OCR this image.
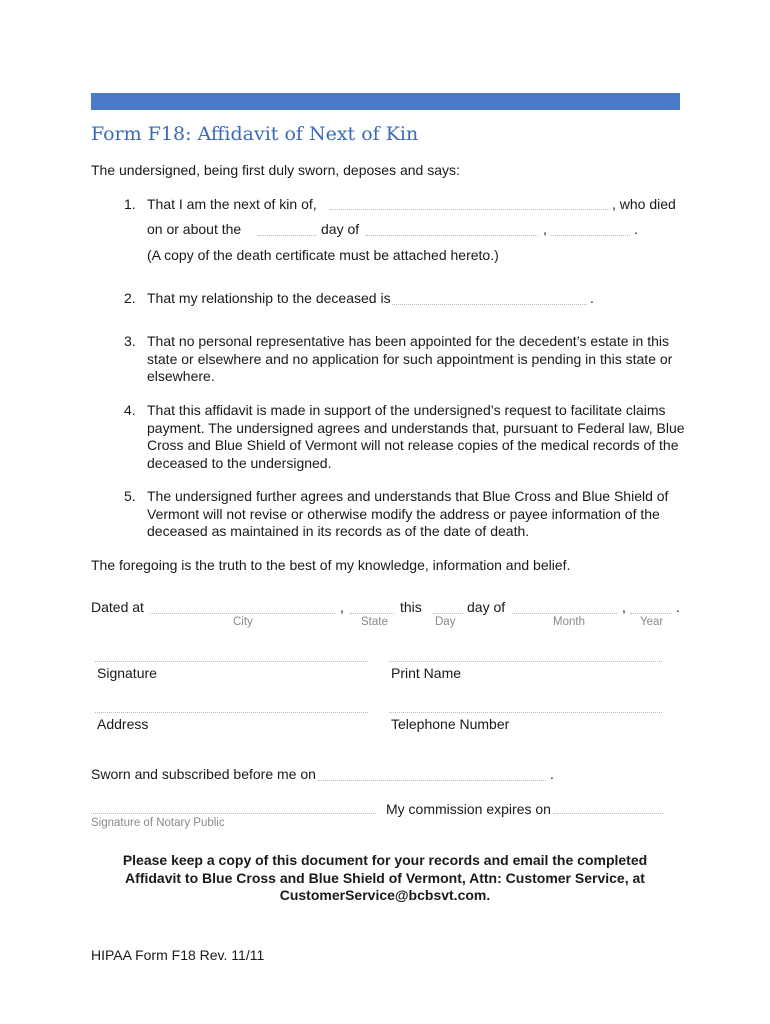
Form F18: Affidavit of Next of Kin
The undersigned, being first duly sworn, deposes and says:
1. That I am the next of kin of,	, who died
on or about the	day of	,	.
(A copy of the death certificate must be attached hereto.)
2. That my relationship to the deceased is	.
3. That no personal representative has been appointed for the decedent’s estate in this state or elsewhere and no application for such appointment is pending in this state or elsewhere.
4. That this affidavit is made in support of the undersigned’s request to facilitate claims payment. The undersigned agrees and understands that, pursuant to Federal law, Blue Cross and Blue Shield of Vermont will not release copies of the medical records of the deceased to the undersigned.
5. The undersigned further agrees and understands that Blue Cross and Blue Shield of Vermont will not revise or otherwise modify the address or payee information of the deceased as maintained in its records as of the date of death.
The foregoing is the truth to the best of my knowledge, information and belief.
Dated at	,	this	day of	,	.
City	State	Day	Month	Year
Signature	Print Name
Address	Telephone Number
Sworn and subscribed before me on	.
My commission expires on
Signature of Notary Public
Please keep a copy of this document for your records and email the completed Affidavit to Blue Cross and Blue Shield of Vermont, Attn: Customer Service, at CustomerService@bcbsvt.com.
HIPAA Form F18 Rev. 11/11
